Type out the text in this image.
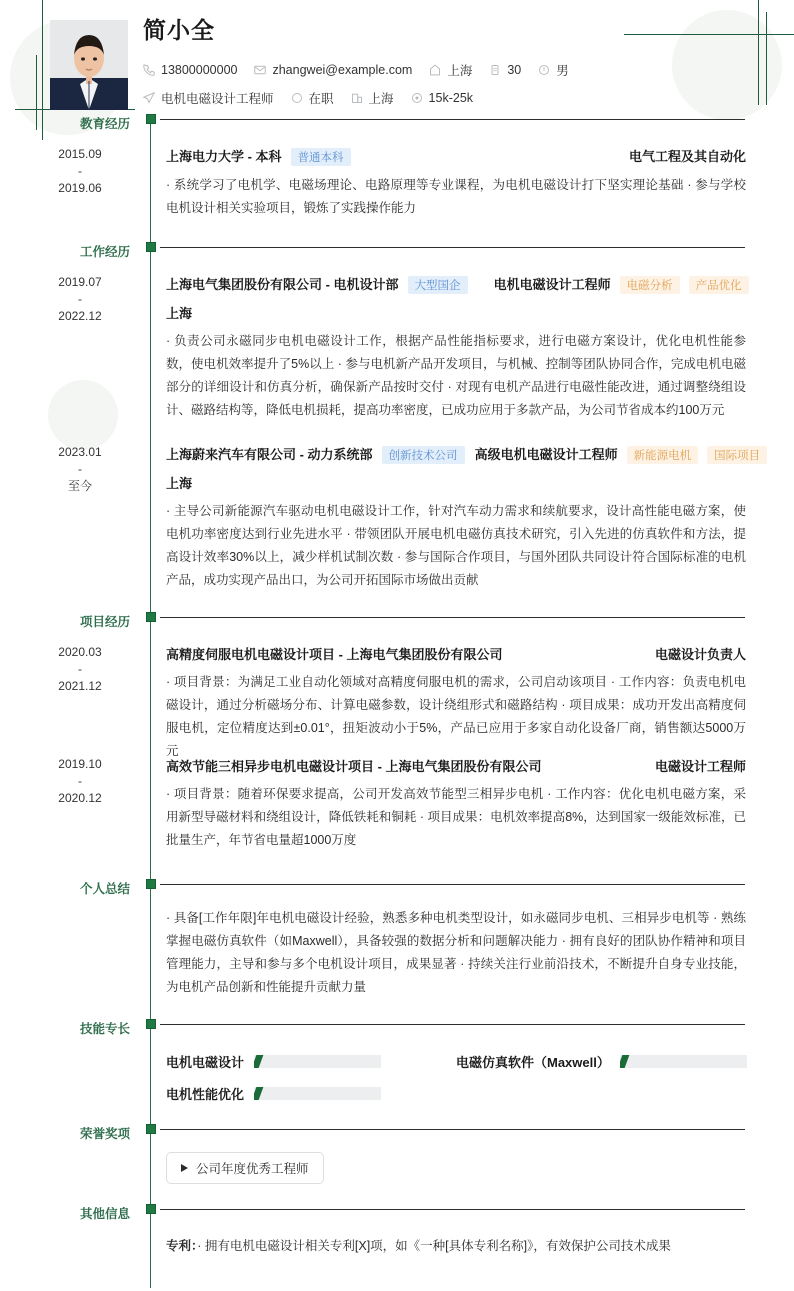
简小全
13800000000	zhangwei@example.com	上海	30	男
电机电磁设计工程师	在职	上海	15k-25k
教育经历
2015.09
-
2019.06
上海电力大学 - 本科	普通本科	电气工程及其自动化
· 系统学习了电机学、电磁场理论、电路原理等专业课程，为电机电磁设计打下坚实理论基础 · 参与学校电机设计相关实验项目，锻炼了实践操作能力
工作经历
2019.07
-
2022.12
上海电气集团股份有限公司 - 电机设计部	大型国企	电机电磁设计工程师	电磁分析	产品优化
上海
· 负责公司永磁同步电机电磁设计工作，根据产品性能指标要求，进行电磁方案设计，优化电机性能参数，使电机效率提升了5%以上 · 参与电机新产品开发项目，与机械、控制等团队协同合作，完成电机电磁部分的详细设计和仿真分析，确保新产品按时交付 · 对现有电机产品进行电磁性能改进，通过调整绕组设计、磁路结构等，降低电机损耗，提高功率密度，已成功应用于多款产品，为公司节省成本约100万元
2023.01
-
至今
上海蔚来汽车有限公司 - 动力系统部	创新技术公司	高级电机电磁设计工程师	新能源电机	国际项目
上海
· 主导公司新能源汽车驱动电机电磁设计工作，针对汽车动力需求和续航要求，设计高性能电磁方案，使电机功率密度达到行业先进水平 · 带领团队开展电机电磁仿真技术研究，引入先进的仿真软件和方法，提高设计效率30%以上，减少样机试制次数 · 参与国际合作项目，与国外团队共同设计符合国际标准的电机产品，成功实现产品出口，为公司开拓国际市场做出贡献
项目经历
2020.03
-
2021.12
高精度伺服电机电磁设计项目 - 上海电气集团股份有限公司	电磁设计负责人
· 项目背景：为满足工业自动化领域对高精度伺服电机的需求，公司启动该项目 · 工作内容：负责电机电磁设计，通过分析磁场分布、计算电磁参数，设计绕组形式和磁路结构 · 项目成果：成功开发出高精度伺服电机，定位精度达到±0.01°，扭矩波动小于5%，产品已应用于多家自动化设备厂商，销售额达5000万元
2019.10
-
2020.12
高效节能三相异步电机电磁设计项目 - 上海电气集团股份有限公司	电磁设计工程师
· 项目背景：随着环保要求提高，公司开发高效节能型三相异步电机 · 工作内容：优化电机电磁方案，采用新型导磁材料和绕组设计，降低铁耗和铜耗 · 项目成果：电机效率提高8%，达到国家一级能效标准，已批量生产，年节省电量超1000万度
个人总结
· 具备[工作年限]年电机电磁设计经验，熟悉多种电机类型设计，如永磁同步电机、三相异步电机等 · 熟练掌握电磁仿真软件（如Maxwell），具备较强的数据分析和问题解决能力 · 拥有良好的团队协作精神和项目管理能力，主导和参与多个电机设计项目，成果显著 · 持续关注行业前沿技术，不断提升自身专业技能，为电机产品创新和性能提升贡献力量
技能专长
电机电磁设计	电磁仿真软件（Maxwell）
电机性能优化
荣誉奖项
公司年度优秀工程师
其他信息
专利：· 拥有电机电磁设计相关专利[X]项，如《一种[具体专利名称]》，有效保护公司技术成果
